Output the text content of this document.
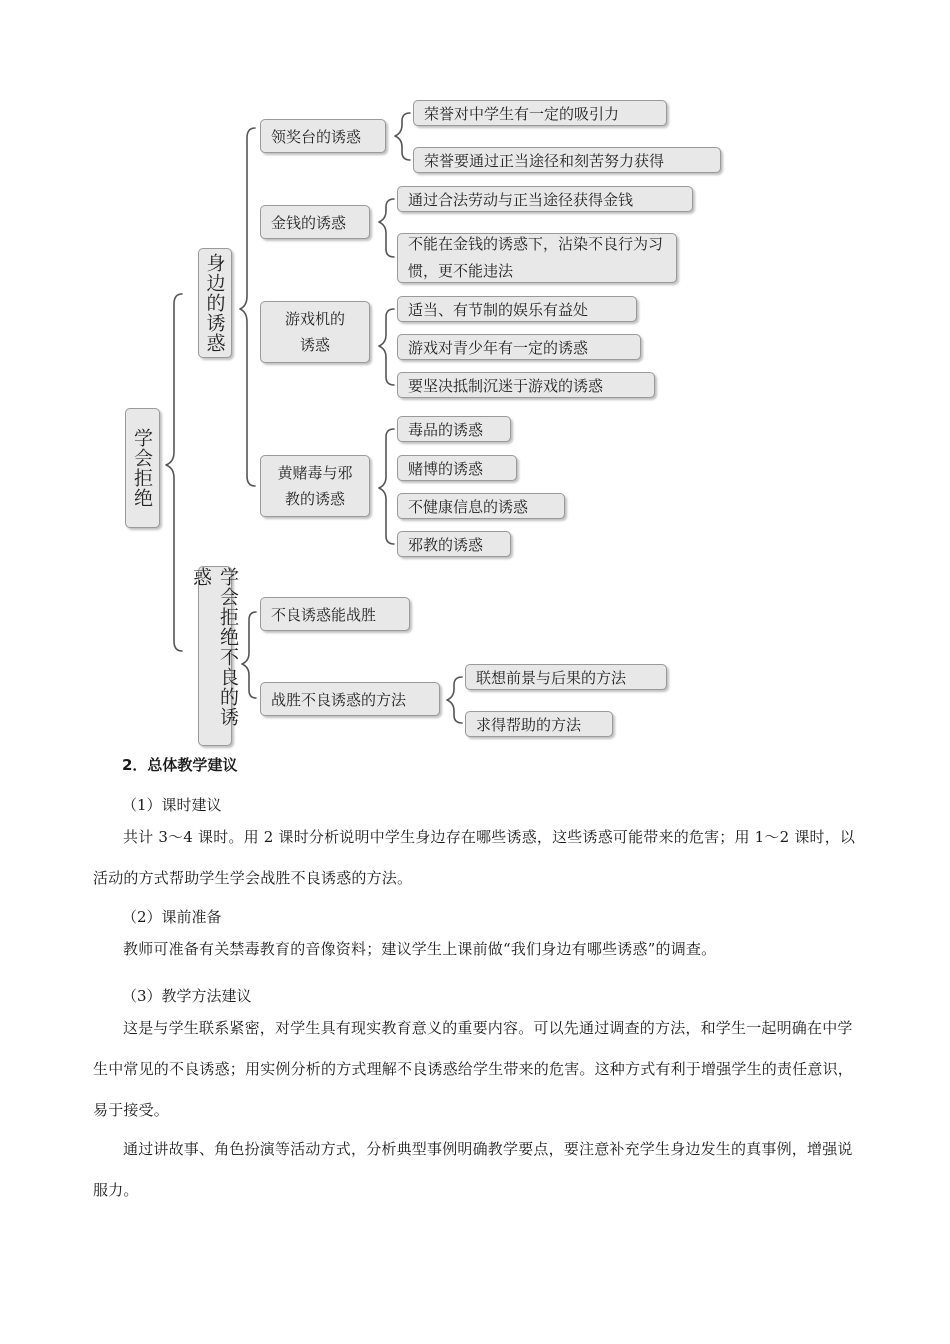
学会拒绝
身边的诱惑
学会拒绝不良的诱惑
领奖台的诱惑
金钱的诱惑
游戏机的诱惑
黄赌毒与邪教的诱惑
荣誉对中学生有一定的吸引力
荣誉要通过正当途径和刻苦努力获得
通过合法劳动与正当途径获得金钱
不能在金钱的诱惑下，沾染不良行为习惯，更不能违法
适当、有节制的娱乐有益处
游戏对青少年有一定的诱惑
要坚决抵制沉迷于游戏的诱惑
毒品的诱惑
赌博的诱惑
不健康信息的诱惑
邪教的诱惑
不良诱惑能战胜
战胜不良诱惑的方法
联想前景与后果的方法
求得帮助的方法
2．总体教学建议
（1）课时建议
共计 3～4 课时。用 2 课时分析说明中学生身边存在哪些诱惑，这些诱惑可能带来的危害；用 1～2 课时，以活动的方式帮助学生学会战胜不良诱惑的方法。
（2）课前准备
教师可准备有关禁毒教育的音像资料；建议学生上课前做“我们身边有哪些诱惑”的调查。
（3）教学方法建议
这是与学生联系紧密，对学生具有现实教育意义的重要内容。可以先通过调查的方法，和学生一起明确在中学生中常见的不良诱惑；用实例分析的方式理解不良诱惑给学生带来的危害。这种方式有利于增强学生的责任意识，易于接受。
通过讲故事、角色扮演等活动方式，分析典型事例明确教学要点，要注意补充学生身边发生的真事例，增强说服力。
